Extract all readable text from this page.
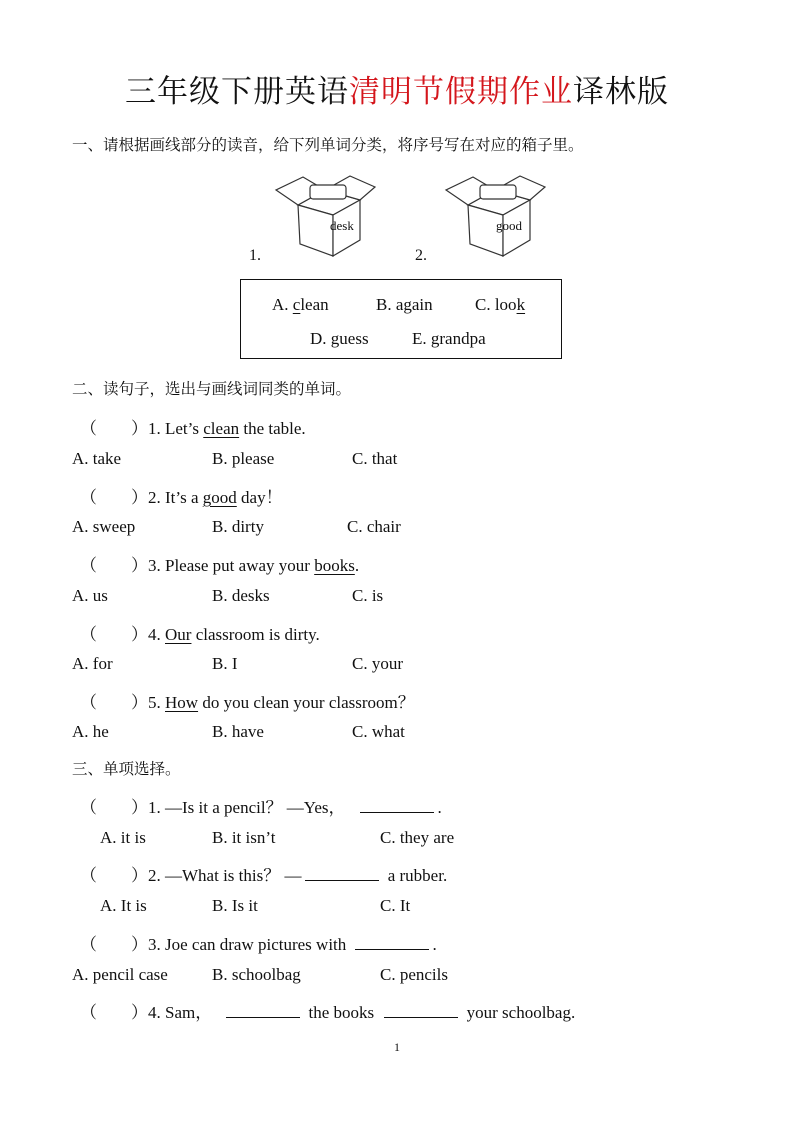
三年级下册英语清明节假期作业译林版
一、请根据画线部分的读音，给下列单词分类，将序号写在对应的箱子里。
desk
1.
good
2.
A. clean	B. again C. look
D. guess	E. grandpa
二、读句子，选出与画线词同类的单词。
（ ）1. Let’s clean the table.
A. take	B. please	C. that
（ ）2. It’s a good day！
A. sweep	B. dirty	C. chair
（ ）3. Please put away your books.
A. us	B. desks	C. is
（ ）4. Our classroom is dirty.
A. for	B. I	C. your
（ ）5. How do you clean your classroom？
A. he	B. have	C. what
三、单项选择。
（ ）1. —Is it a pencil？ —Yes，	.
A. it is	B. it isn’t	C. they are
（ ）2. —What is this？ —	a rubber.
A. It is	B. Is it	C. It
（ ）3. Joe can draw pictures with	.
A. pencil case	B. schoolbag	C. pencils
（ ）4. Sam，	the books	your schoolbag.
1
